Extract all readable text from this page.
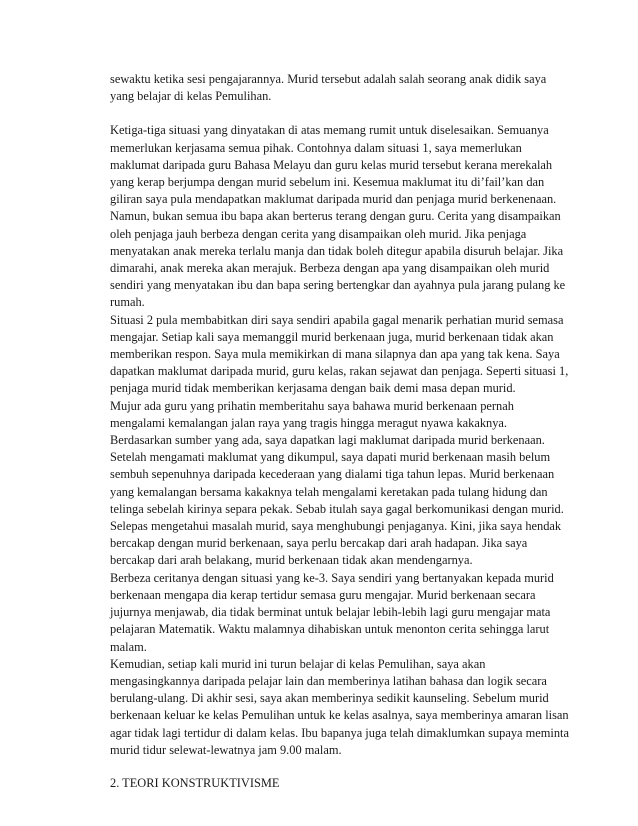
sewaktu ketika sesi pengajarannya. Murid tersebut adalah salah seorang anak didik saya yang belajar di kelas Pemulihan.

Ketiga-tiga situasi yang dinyatakan di atas memang rumit untuk diselesaikan. Semuanya memerlukan kerjasama semua pihak. Contohnya dalam situasi 1, saya memerlukan maklumat daripada guru Bahasa Melayu dan guru kelas murid tersebut kerana merekalah yang kerap berjumpa dengan murid sebelum ini. Kesemua maklumat itu di’fail’kan dan giliran saya pula mendapatkan maklumat daripada murid dan penjaga murid berkenenaan. Namun, bukan semua ibu bapa akan berterus terang dengan guru. Cerita yang disampaikan oleh penjaga jauh berbeza dengan cerita yang disampaikan oleh murid. Jika penjaga menyatakan anak mereka terlalu manja dan tidak boleh ditegur apabila disuruh belajar. Jika dimarahi, anak mereka akan merajuk. Berbeza dengan apa yang disampaikan oleh murid sendiri yang menyatakan ibu dan bapa sering bertengkar dan ayahnya pula jarang pulang ke rumah.

Situasi 2 pula membabitkan diri saya sendiri apabila gagal menarik perhatian murid semasa mengajar. Setiap kali saya memanggil murid berkenaan juga, murid berkenaan tidak akan memberikan respon. Saya mula memikirkan di mana silapnya dan apa yang tak kena. Saya dapatkan maklumat daripada murid, guru kelas, rakan sejawat dan penjaga. Seperti situasi 1, penjaga murid tidak memberikan kerjasama dengan baik demi masa depan murid.

Mujur ada guru yang prihatin memberitahu saya bahawa murid berkenaan pernah mengalami kemalangan jalan raya yang tragis hingga meragut nyawa kakaknya. Berdasarkan sumber yang ada, saya dapatkan lagi maklumat daripada murid berkenaan. Setelah mengamati maklumat yang dikumpul, saya dapati murid berkenaan masih belum sembuh sepenuhnya daripada kecederaan yang dialami tiga tahun lepas. Murid berkenaan yang kemalangan bersama kakaknya telah mengalami keretakan pada tulang hidung dan telinga sebelah kirinya separa pekak. Sebab itulah saya gagal berkomunikasi dengan murid.

Selepas mengetahui masalah murid, saya menghubungi penjaganya. Kini, jika saya hendak bercakap dengan murid berkenaan, saya perlu bercakap dari arah hadapan. Jika saya bercakap dari arah belakang, murid berkenaan tidak akan mendengarnya.

Berbeza ceritanya dengan situasi yang ke-3. Saya sendiri yang bertanyakan kepada murid berkenaan mengapa dia kerap tertidur semasa guru mengajar. Murid berkenaan secara jujurnya menjawab, dia tidak berminat untuk belajar lebih-lebih lagi guru mengajar mata pelajaran Matematik. Waktu malamnya dihabiskan untuk menonton cerita sehingga larut malam.

Kemudian, setiap kali murid ini turun belajar di kelas Pemulihan, saya akan mengasingkannya daripada pelajar lain dan memberinya latihan bahasa dan logik secara berulang-ulang. Di akhir sesi, saya akan memberinya sedikit kaunseling. Sebelum murid berkenaan keluar ke kelas Pemulihan untuk ke kelas asalnya, saya memberinya amaran lisan agar tidak lagi tertidur di dalam kelas. Ibu bapanya juga telah dimaklumkan supaya meminta murid tidur selewat-lewatnya jam 9.00 malam.

2. TEORI KONSTRUKTIVISME
